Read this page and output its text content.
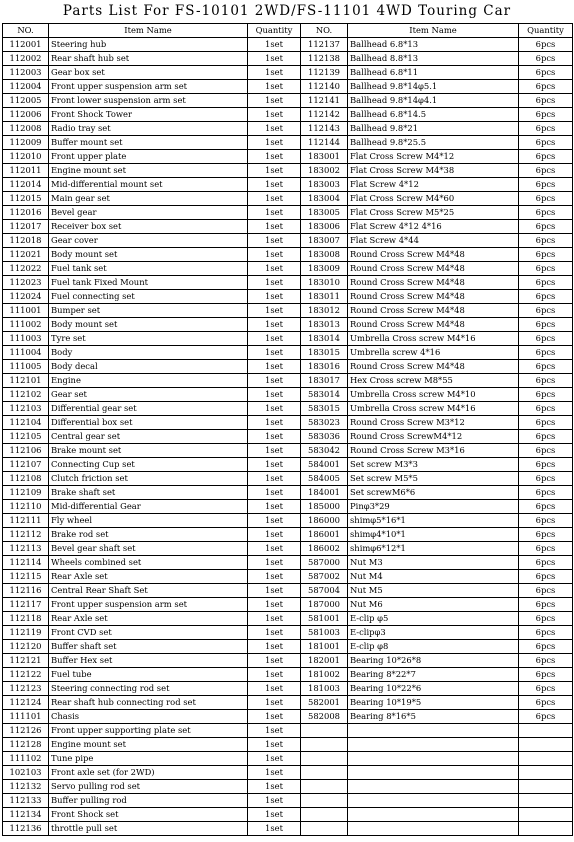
Parts List For FS-10101 2WD/FS-11101 4WD Touring Car
NO.	Item Name	Quantity	NO.	Item Name	Quantity
112001	Steering hub	1set	112137	Ballhead 6.8*13	6pcs
112002	Rear shaft hub set	1set	112138	Ballhead 8.8*13	6pcs
112003	Gear box set	1set	112139	Ballhead 6.8*11	6pcs
112004	Front upper suspension arm set	1set	112140	Ballhead 9.8*14φ5.1	6pcs
112005	Front lower suspension arm set	1set	112141	Ballhead 9.8*14φ4.1	6pcs
112006	Front Shock Tower	1set	112142	Ballhead 6.8*14.5	6pcs
112008	Radio tray set	1set	112143	Ballhead 9.8*21	6pcs
112009	Buffer mount set	1set	112144	Ballhead 9.8*25.5	6pcs
112010	Front upper plate	1set	183001	Flat Cross Screw M4*12	6pcs
112011	Engine mount set	1set	183002	Flat Cross Screw M4*38	6pcs
112014	Mid-differential mount set	1set	183003	Flat Screw 4*12	6pcs
112015	Main gear set	1set	183004	Flat Cross Screw M4*60	6pcs
112016	Bevel gear	1set	183005	Flat Cross Screw M5*25	6pcs
112017	Receiver box set	1set	183006	Flat Screw 4*12 4*16	6pcs
112018	Gear cover	1set	183007	Flat Screw 4*44	6pcs
112021	Body mount set	1set	183008	Round Cross Screw M4*48	6pcs
112022	Fuel tank set	1set	183009	Round Cross Screw M4*48	6pcs
112023	Fuel tank Fixed Mount	1set	183010	Round Cross Screw M4*48	6pcs
112024	Fuel connecting set	1set	183011	Round Cross Screw M4*48	6pcs
111001	Bumper set	1set	183012	Round Cross Screw M4*48	6pcs
111002	Body mount set	1set	183013	Round Cross Screw M4*48	6pcs
111003	Tyre set	1set	183014	Umbrella Cross screw M4*16	6pcs
111004	Body	1set	183015	Umbrella screw 4*16	6pcs
111005	Body decal	1set	183016	Round Cross Screw M4*48	6pcs
112101	Engine	1set	183017	Hex Cross screw M8*55	6pcs
112102	Gear set	1set	583014	Umbrella Cross screw M4*10	6pcs
112103	Differential gear set	1set	583015	Umbrella Cross screw M4*16	6pcs
112104	Differential box set	1set	583023	Round Cross Screw M3*12	6pcs
112105	Central gear set	1set	583036	Round Cross ScrewM4*12	6pcs
112106	Brake mount set	1set	583042	Round Cross Screw M3*16	6pcs
112107	Connecting Cup set	1set	584001	Set screw M3*3	6pcs
112108	Clutch friction set	1set	584005	Set screw M5*5	6pcs
112109	Brake shaft set	1set	184001	Set screwM6*6	6pcs
112110	Mid-differential Gear	1set	185000	Pinφ3*29	6pcs
112111	Fly wheel	1set	186000	shimφ5*16*1	6pcs
112112	Brake rod set	1set	186001	shimφ4*10*1	6pcs
112113	Bevel gear shaft set	1set	186002	shimφ6*12*1	6pcs
112114	Wheels combined set	1set	587000	Nut M3	6pcs
112115	Rear Axle set	1set	587002	Nut M4	6pcs
112116	Central Rear Shaft Set	1set	587004	Nut M5	6pcs
112117	Front upper suspension arm set	1set	187000	Nut M6	6pcs
112118	Rear Axle set	1set	581001	E-clip φ5	6pcs
112119	Front CVD set	1set	581003	E-clipφ3	6pcs
112120	Buffer shaft set	1set	181001	E-clip φ8	6pcs
112121	Buffer Hex set	1set	182001	Bearing 10*26*8	6pcs
112122	Fuel tube	1set	181002	Bearing 8*22*7	6pcs
112123	Steering connecting rod set	1set	181003	Bearing 10*22*6	6pcs
112124	Rear shaft hub connecting rod set	1set	582001	Bearing 10*19*5	6pcs
111101	Chasis	1set	582008	Bearing 8*16*5	6pcs
112126	Front upper supporting plate set	1set			
112128	Engine mount set	1set			
111102	Tune pipe	1set			
102103	Front axle set (for 2WD)	1set			
112132	Servo pulling rod set	1set			
112133	Buffer pulling rod	1set			
112134	Front Shock set	1set			
112136	throttle pull set	1set			
